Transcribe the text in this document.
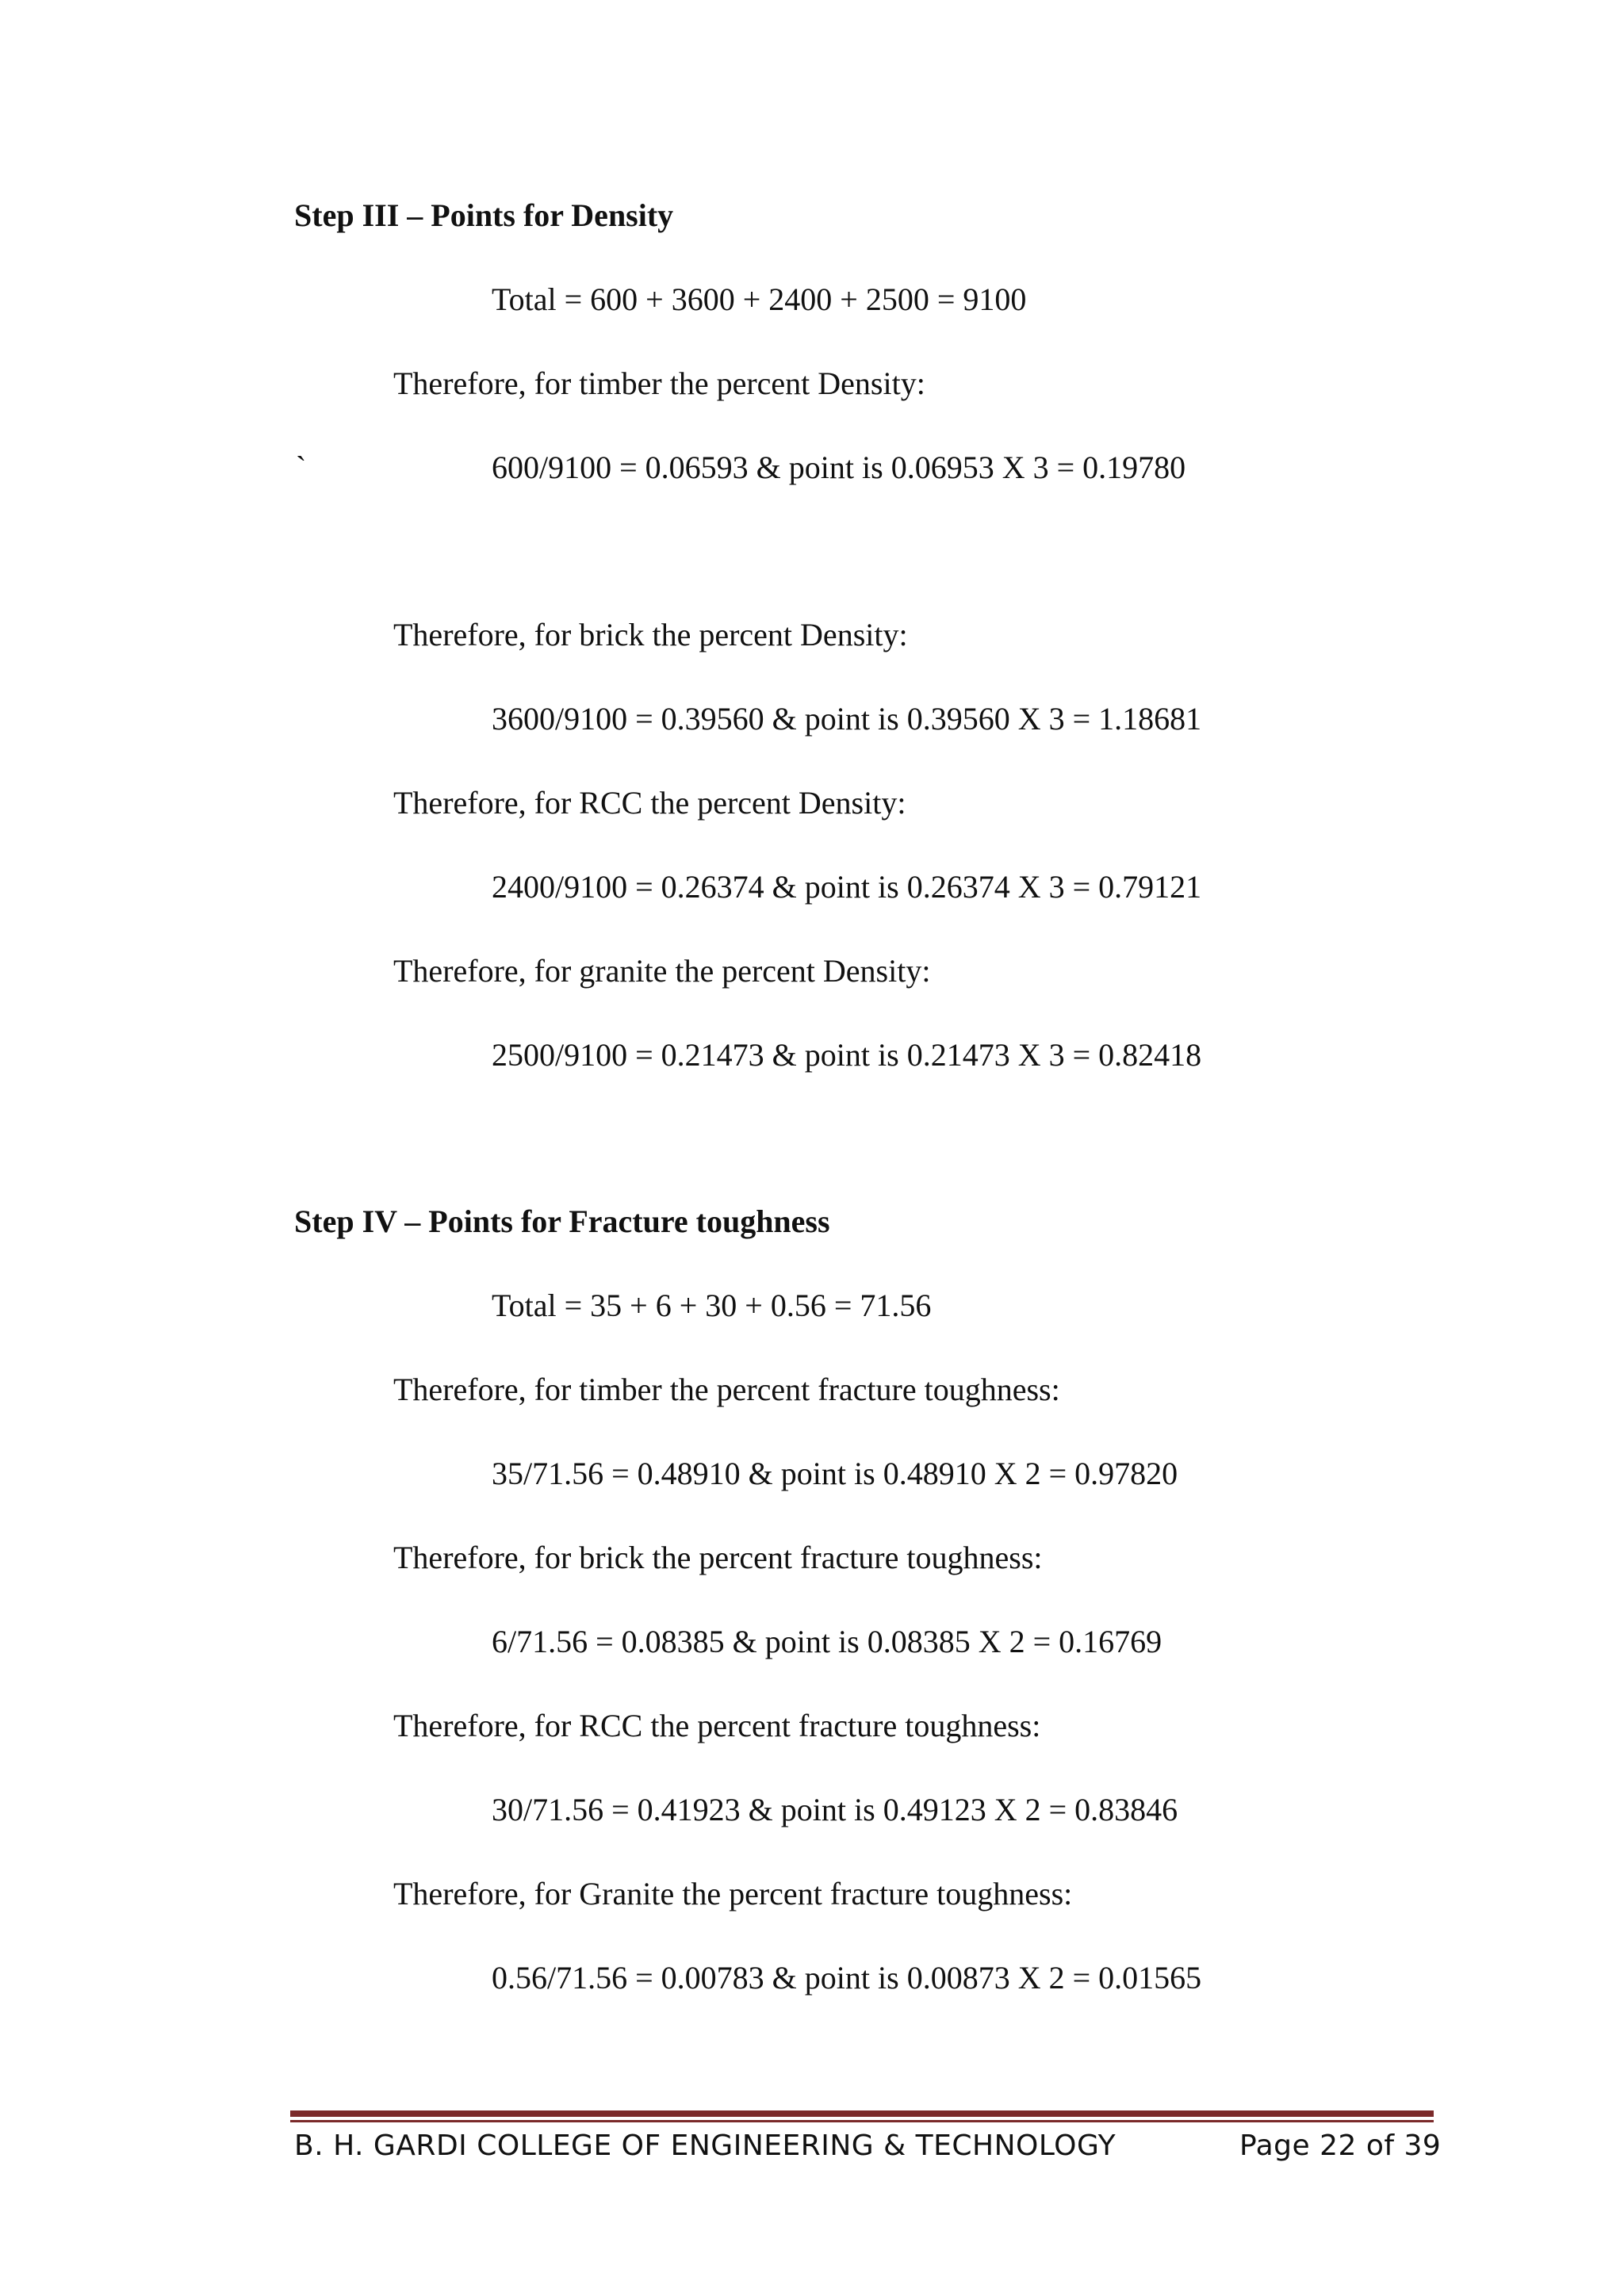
Step III – Points for Density
Total = 600 + 3600 + 2400 + 2500 = 9100
Therefore, for timber the percent Density:
`	600/9100 = 0.06593 & point is 0.06953 X 3 = 0.19780
Therefore, for brick the percent Density:
3600/9100 = 0.39560 & point is 0.39560 X 3 = 1.18681
Therefore, for RCC the percent Density:
2400/9100 = 0.26374 & point is 0.26374 X 3 = 0.79121
Therefore, for granite the percent Density:
2500/9100 = 0.21473 & point is 0.21473 X 3 = 0.82418
Step IV – Points for Fracture toughness
Total = 35 + 6 + 30 + 0.56 = 71.56
Therefore, for timber the percent fracture toughness:
35/71.56 = 0.48910 & point is 0.48910 X 2 = 0.97820
Therefore, for brick the percent fracture toughness:
6/71.56 = 0.08385 & point is 0.08385 X 2 = 0.16769
Therefore, for RCC the percent fracture toughness:
30/71.56 = 0.41923 & point is 0.49123 X 2 = 0.83846
Therefore, for Granite the percent fracture toughness:
0.56/71.56 = 0.00783 & point is 0.00873 X 2 = 0.01565
B. H. GARDI COLLEGE OF ENGINEERING & TECHNOLOGY	Page 22 of 39
